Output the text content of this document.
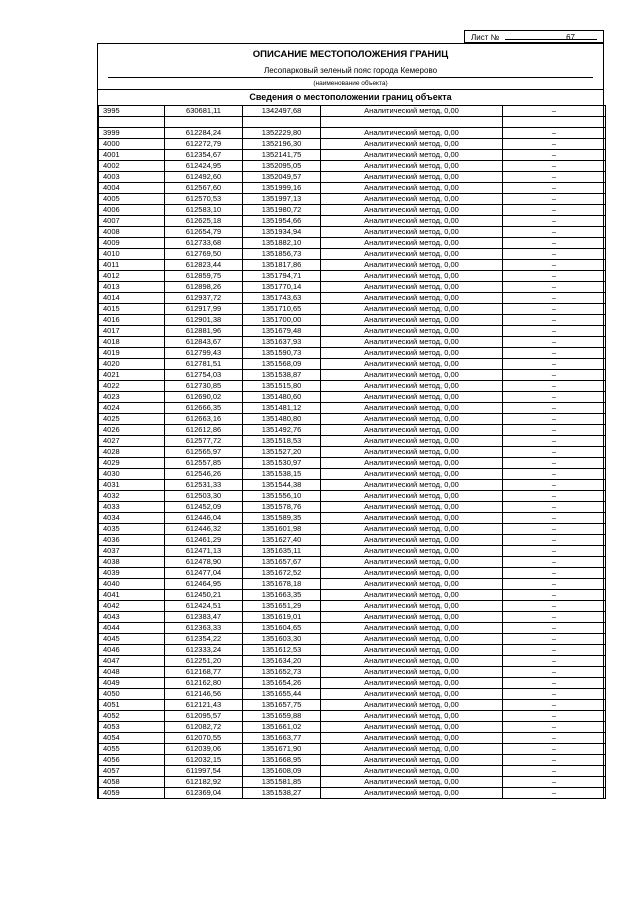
Лист №	67
ОПИСАНИЕ МЕСТОПОЛОЖЕНИЯ ГРАНИЦ
Лесопарковый зеленый пояс города Кемерово
(наименование объекта)
Сведения о местоположении границ объекта
3995	630681,11	1342497,68	Аналитический метод, 0,00	–

3999	612284,24	1352229,80	Аналитический метод, 0,00	–
4000	612272,79	1352196,30	Аналитический метод, 0,00	–
4001	612354,67	1352141,75	Аналитический метод, 0,00	–
4002	612424,95	1352095,05	Аналитический метод, 0,00	–
4003	612492,60	1352049,57	Аналитический метод, 0,00	–
4004	612567,60	1351999,16	Аналитический метод, 0,00	–
4005	612570,53	1351997,13	Аналитический метод, 0,00	–
4006	612583,10	1351980,72	Аналитический метод, 0,00	–
4007	612625,18	1351954,66	Аналитический метод, 0,00	–
4008	612654,79	1351934,94	Аналитический метод, 0,00	–
4009	612733,68	1351882,10	Аналитический метод, 0,00	–
4010	612769,50	1351856,73	Аналитический метод, 0,00	–
4011	612823,44	1351817,86	Аналитический метод, 0,00	–
4012	612859,75	1351794,71	Аналитический метод, 0,00	–
4013	612898,26	1351770,14	Аналитический метод, 0,00	–
4014	612937,72	1351743,63	Аналитический метод, 0,00	–
4015	612917,99	1351710,65	Аналитический метод, 0,00	–
4016	612901,38	1351700,00	Аналитический метод, 0,00	–
4017	612881,96	1351679,48	Аналитический метод, 0,00	–
4018	612843,67	1351637,93	Аналитический метод, 0,00	–
4019	612799,43	1351590,73	Аналитический метод, 0,00	–
4020	612781,51	1351568,09	Аналитический метод, 0,00	–
4021	612754,03	1351538,87	Аналитический метод, 0,00	–
4022	612730,85	1351515,80	Аналитический метод, 0,00	–
4023	612690,02	1351480,60	Аналитический метод, 0,00	–
4024	612666,35	1351481,12	Аналитический метод, 0,00	–
4025	612663,16	1351480,80	Аналитический метод, 0,00	–
4026	612612,86	1351492,76	Аналитический метод, 0,00	–
4027	612577,72	1351518,53	Аналитический метод, 0,00	–
4028	612565,97	1351527,20	Аналитический метод, 0,00	–
4029	612557,85	1351530,97	Аналитический метод, 0,00	–
4030	612546,26	1351538,15	Аналитический метод, 0,00	–
4031	612531,33	1351544,38	Аналитический метод, 0,00	–
4032	612503,30	1351556,10	Аналитический метод, 0,00	–
4033	612452,09	1351578,76	Аналитический метод, 0,00	–
4034	612446,04	1351589,35	Аналитический метод, 0,00	–
4035	612446,32	1351601,98	Аналитический метод, 0,00	–
4036	612461,29	1351627,40	Аналитический метод, 0,00	–
4037	612471,13	1351635,11	Аналитический метод, 0,00	–
4038	612478,90	1351657,67	Аналитический метод, 0,00	–
4039	612477,04	1351672,52	Аналитический метод, 0,00	–
4040	612464,95	1351678,18	Аналитический метод, 0,00	–
4041	612450,21	1351663,35	Аналитический метод, 0,00	–
4042	612424,51	1351651,29	Аналитический метод, 0,00	–
4043	612383,47	1351619,01	Аналитический метод, 0,00	–
4044	612363,33	1351604,65	Аналитический метод, 0,00	–
4045	612354,22	1351603,30	Аналитический метод, 0,00	–
4046	612333,24	1351612,53	Аналитический метод, 0,00	–
4047	612251,20	1351634,20	Аналитический метод, 0,00	–
4048	612168,77	1351652,73	Аналитический метод, 0,00	–
4049	612162,80	1351654,26	Аналитический метод, 0,00	–
4050	612146,56	1351655,44	Аналитический метод, 0,00	–
4051	612121,43	1351657,75	Аналитический метод, 0,00	–
4052	612095,57	1351659,88	Аналитический метод, 0,00	–
4053	612082,72	1351661,02	Аналитический метод, 0,00	–
4054	612070,55	1351663,77	Аналитический метод, 0,00	–
4055	612039,06	1351671,90	Аналитический метод, 0,00	–
4056	612032,15	1351668,95	Аналитический метод, 0,00	–
4057	611997,54	1351608,09	Аналитический метод, 0,00	–
4058	612182,92	1351581,85	Аналитический метод, 0,00	–
4059	612369,04	1351538,27	Аналитический метод, 0,00	–
